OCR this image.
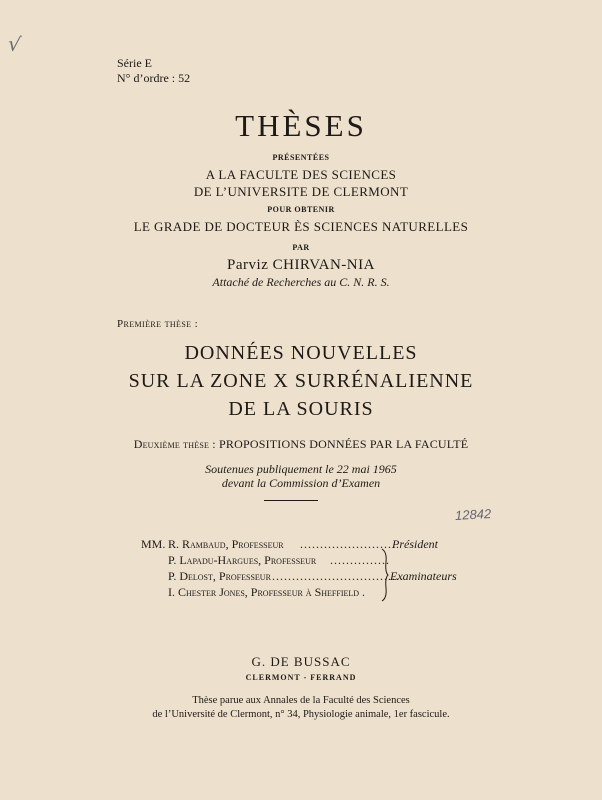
√
Série E
N° d’ordre : 52
THÈSES
PRÉSENTÉES
A LA FACULTE DES SCIENCES
DE L’UNIVERSITE DE CLERMONT
POUR OBTENIR
LE GRADE DE DOCTEUR ÈS SCIENCES NATURELLES
PAR
Parviz CHIRVAN-NIA
Attaché de Recherches au C. N. R. S.
Première thèse :
DONNÉES NOUVELLES
SUR LA ZONE X SURRÉNALIENNE
DE LA SOURIS
Deuxième thèse : PROPOSITIONS DONNÉES PAR LA FACULTÉ
Soutenues publiquement le 22 mai 1965
devant la Commission d’Examen
12842
MM. R. Rambaud, Professeur .........................
Président
P. Lapadu-Hargues, Professeur ...............
P. Delost, Professeur .................................
Examinateurs
I. Chester Jones, Professeur à Sheffield .
G. DE BUSSAC
CLERMONT - FERRAND
Thèse parue aux Annales de la Faculté des Sciences
de l’Université de Clermont, n° 34, Physiologie animale, 1er fascicule.
